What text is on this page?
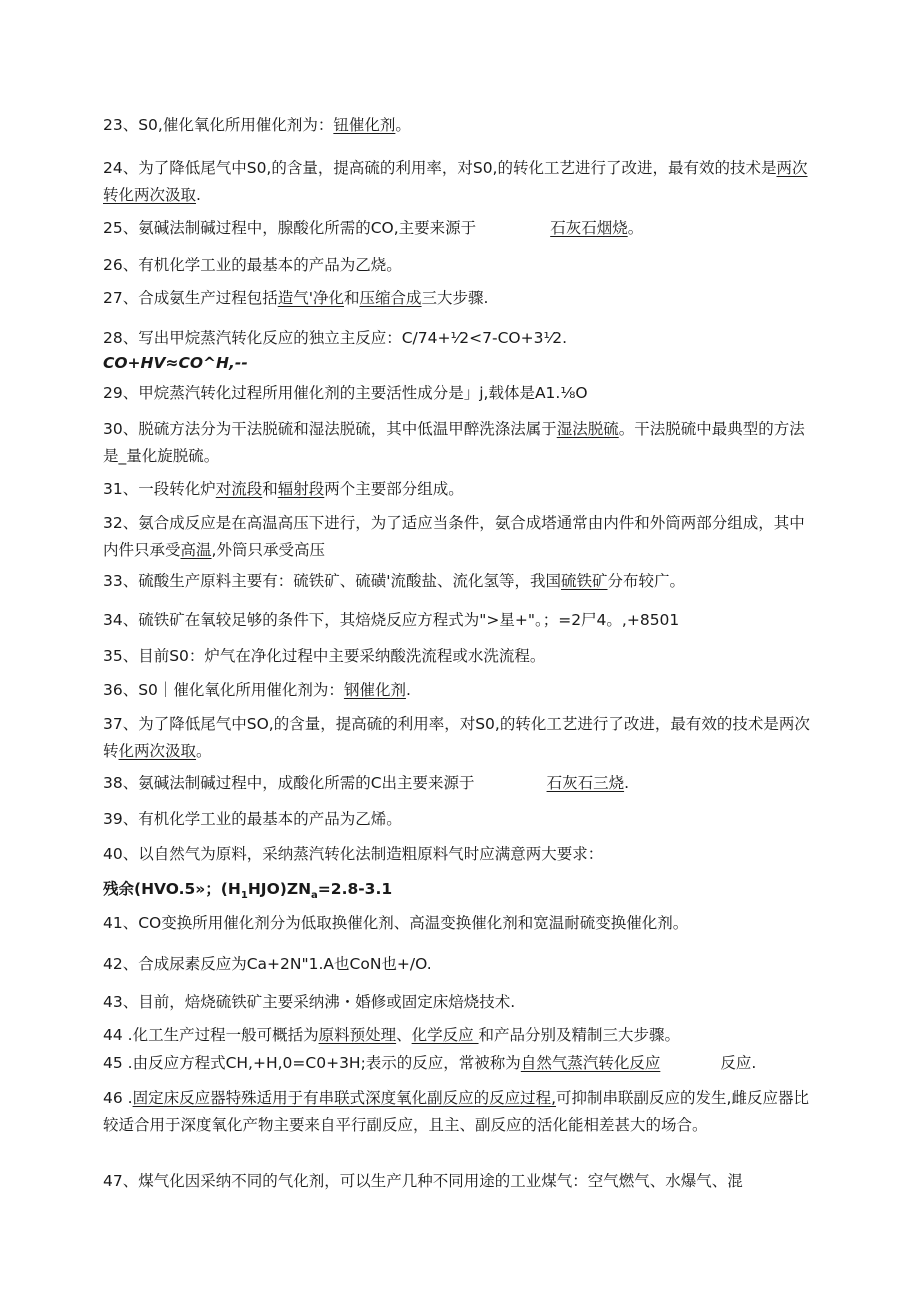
23、S0,催化氧化所用催化剂为：钮催化剂。
24、为了降低尾气中S0,的含量，提高硫的利用率，对S0,的转化工艺进行了改进，最有效的技术是两次转化两次汲取.
25、氨碱法制碱过程中，腺酸化所需的CO,主要来源于	石灰石烟烧。
26、有机化学工业的最基本的产品为乙烧。
27、合成氨生产过程包括造气'净化和压缩合成三大步骤.
28、写出甲烷蒸汽转化反应的独立主反应：C/74+⅟2<7-CO+3⅟2.
CO+HV≈CO^H,--
29、甲烷蒸汽转化过程所用催化剂的主要活性成分是」j,载体是A1.⅛O
30、脱硫方法分为干法脱硫和湿法脱硫，其中低温甲醉洗涤法属于湿法脱硫。干法脱硫中最典型的方法是_量化旋脱硫。
31、一段转化炉对流段和辐射段两个主要部分组成。
32、氨合成反应是在高温高压下进行，为了适应当条件，氨合成塔通常由内件和外筒两部分组成，其中内件只承受高温,外筒只承受高压
33、硫酸生产原料主要有：硫铁矿、硫磺'流酸盐、流化氢等，我国硫铁矿分布较广。
34、硫铁矿在氧较足够的条件下，其焙烧反应方程式为">星+"。；=2尸4。,+8501
35、目前S0：炉气在净化过程中主要采纳酸洗流程或水洗流程。
36、S0｜催化氧化所用催化剂为：钢催化剂.
37、为了降低尾气中SO,的含量，提高硫的利用率，对S0,的转化工艺进行了改进，最有效的技术是两次转化两次汲取。
38、氨碱法制碱过程中，成酸化所需的C出主要来源于	石灰石三烧.
39、有机化学工业的最基本的产品为乙烯。
40、以自然气为原料，采纳蒸汽转化法制造粗原料气时应满意两大要求：
残余(HVO.5»；$(H_1HJO)ZN_a=2.8-3.1$
41、CO变换所用催化剂分为低取换催化剂、高温变换催化剂和宽温耐硫变换催化剂。
42、合成尿素反应为Ca+2N"1.A也CoN也+/O.
43、目前，焙烧硫铁矿主要采纳沸・婚修或固定床焙烧技术.
44 .化工生产过程一般可概括为原料预处理、化学反应 和产品分别及精制三大步骤。
45 .由反应方程式CH,+H,0=C0+3H;表示的反应，常被称为自然气蒸汽转化反应	反应.
46 .固定床反应器特殊适用于有串联式深度氧化副反应的反应过程,可抑制串联副反应的发生,雌反应器比较适合用于深度氧化产物主要来自平行副反应，且主、副反应的活化能相差甚大的场合。
47、煤气化因采纳不同的气化剂，可以生产几种不同用途的工业煤气：空气燃气、水爆气、混
